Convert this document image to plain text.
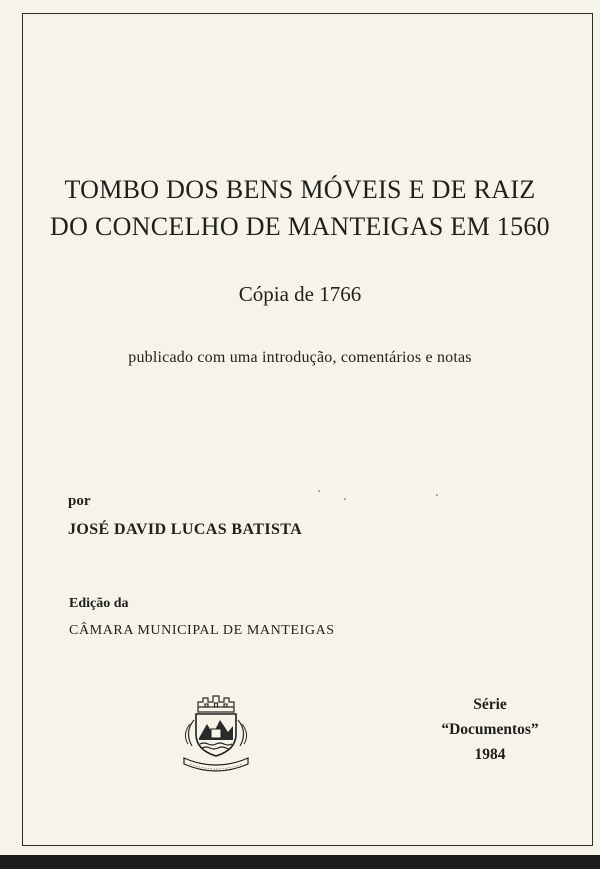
TOMBO DOS BENS MÓVEIS E DE RAIZ
DO CONCELHO DE MANTEIGAS EM 1560
Cópia de 1766
publicado com uma introdução, comentários e notas
por
JOSÉ DAVID LUCAS BATISTA
Edição da
CÂMARA MUNICIPAL DE MANTEIGAS
Série
“Documentos”
1984
